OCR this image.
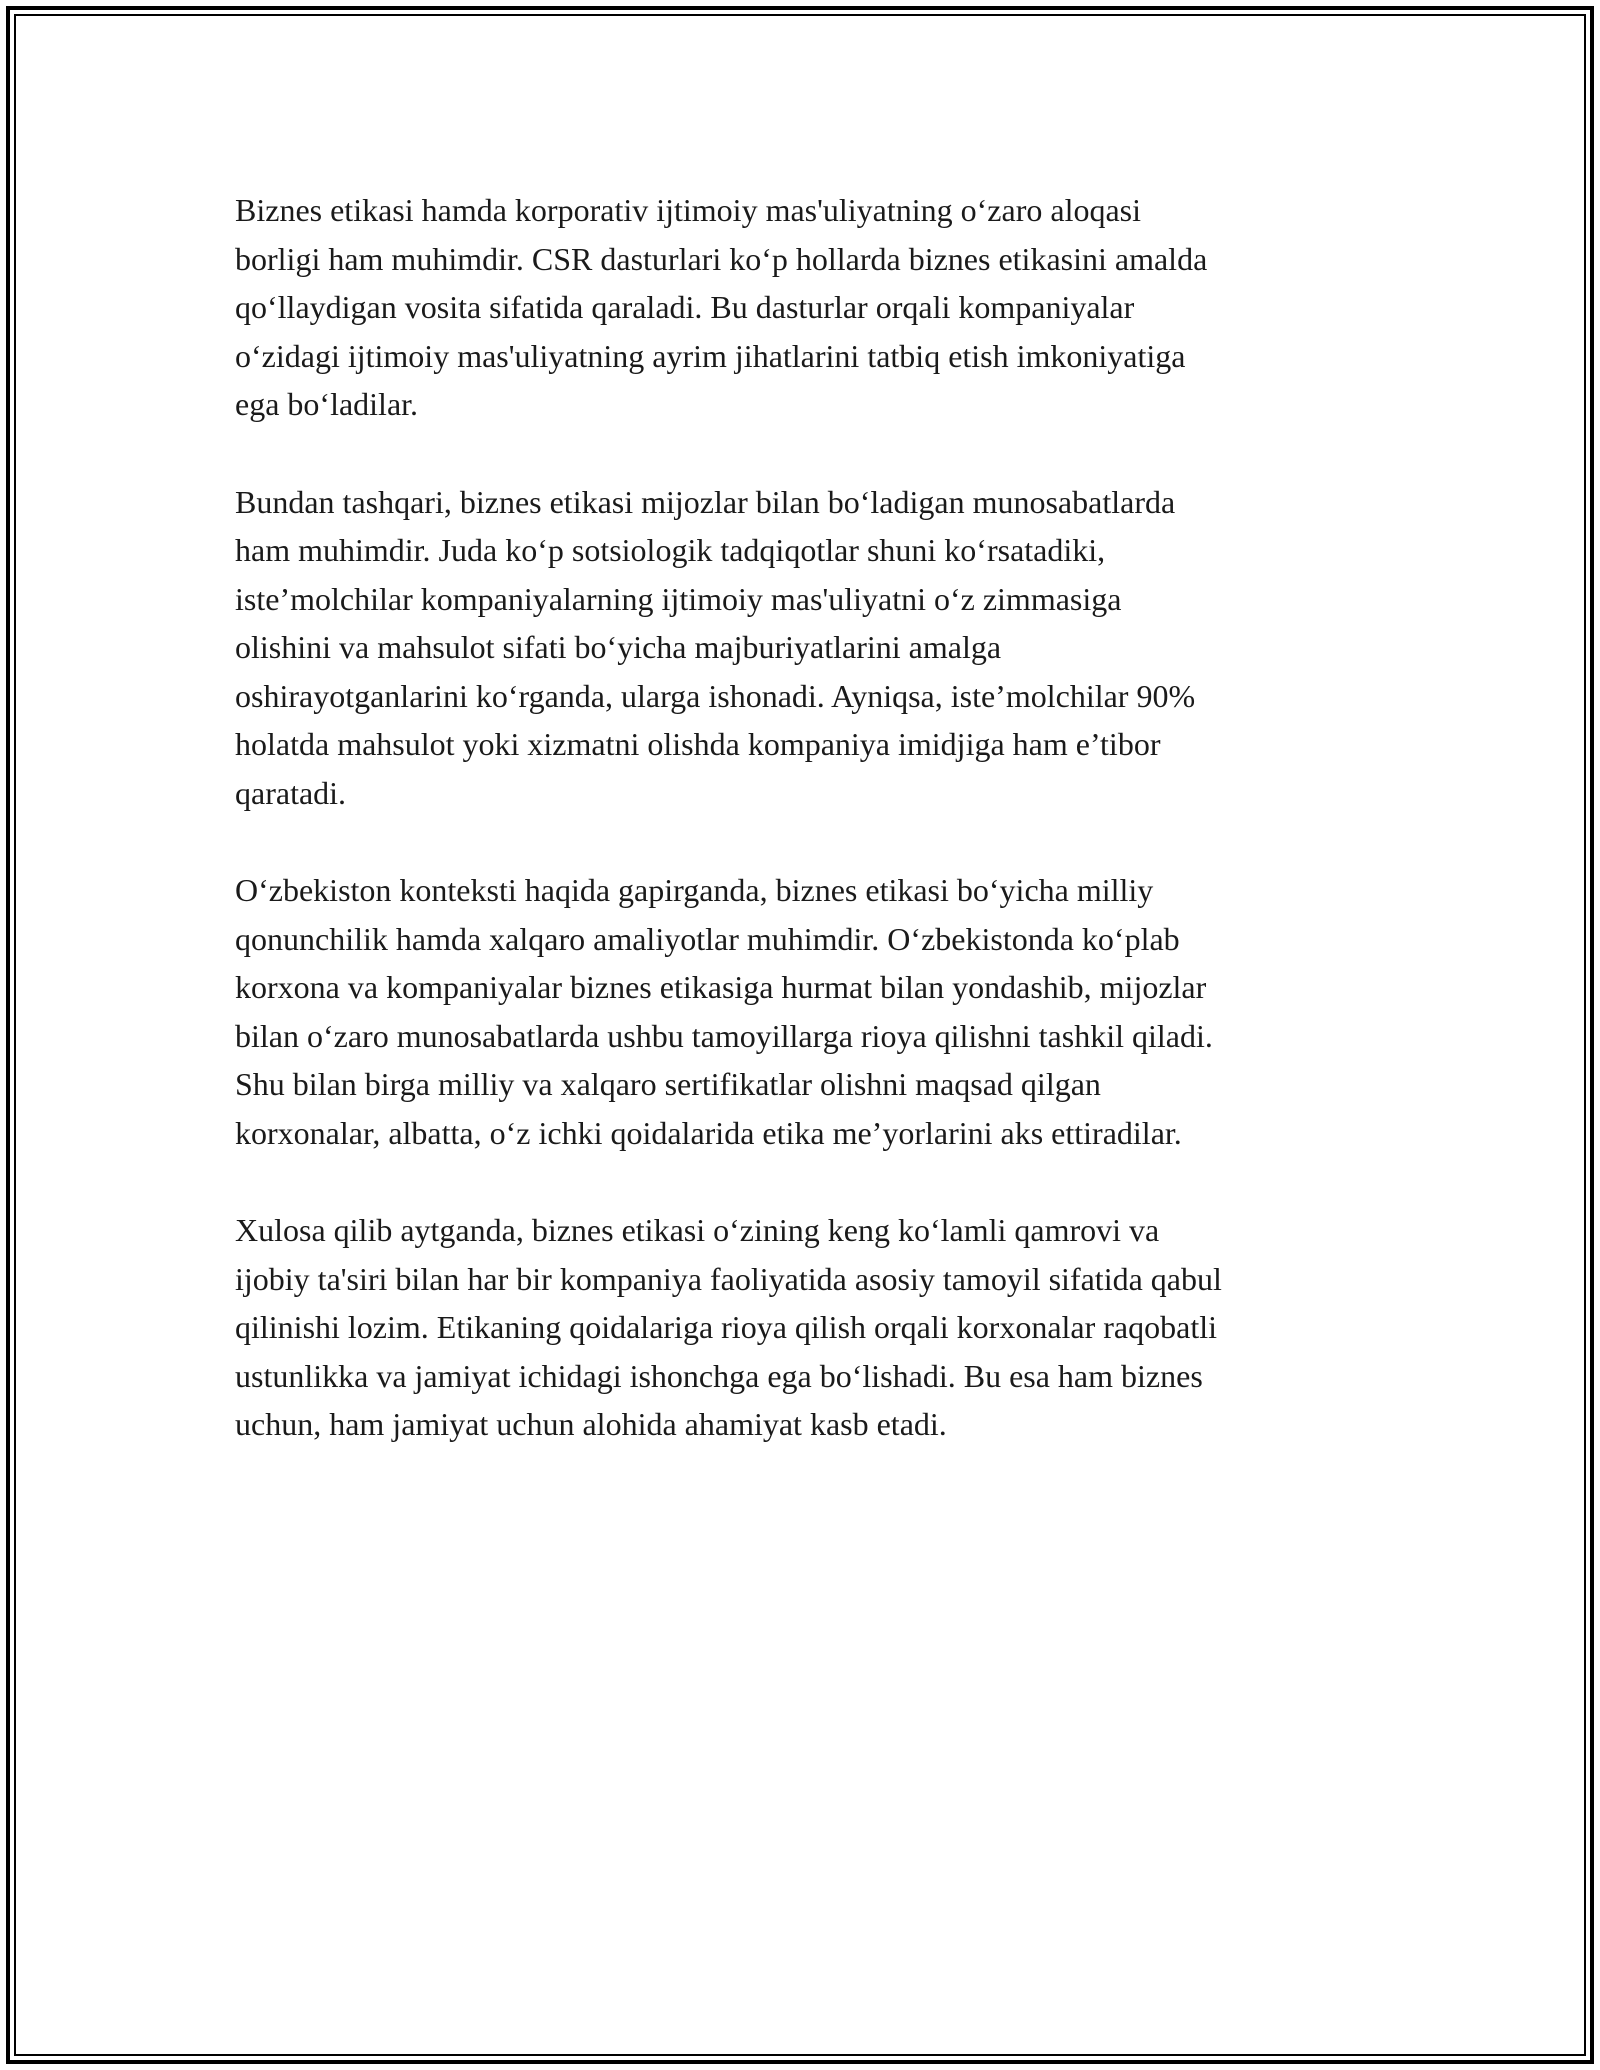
Biznes etikasi hamda korporativ ijtimoiy mas'uliyatning o‘zaro aloqasi
borligi ham muhimdir. CSR dasturlari ko‘p hollarda biznes etikasini amalda
qo‘llaydigan vosita sifatida qaraladi. Bu dasturlar orqali kompaniyalar
o‘zidagi ijtimoiy mas'uliyatning ayrim jihatlarini tatbiq etish imkoniyatiga
ega bo‘ladilar.

Bundan tashqari, biznes etikasi mijozlar bilan bo‘ladigan munosabatlarda
ham muhimdir. Juda ko‘p sotsiologik tadqiqotlar shuni ko‘rsatadiki,
iste’molchilar kompaniyalarning ijtimoiy mas'uliyatni o‘z zimmasiga
olishini va mahsulot sifati bo‘yicha majburiyatlarini amalga
oshirayotganlarini ko‘rganda, ularga ishonadi. Ayniqsa, iste’molchilar 90%
holatda mahsulot yoki xizmatni olishda kompaniya imidjiga ham e’tibor
qaratadi.

O‘zbekiston konteksti haqida gapirganda, biznes etikasi bo‘yicha milliy
qonunchilik hamda xalqaro amaliyotlar muhimdir. O‘zbekistonda ko‘plab
korxona va kompaniyalar biznes etikasiga hurmat bilan yondashib, mijozlar
bilan o‘zaro munosabatlarda ushbu tamoyillarga rioya qilishni tashkil qiladi.
Shu bilan birga milliy va xalqaro sertifikatlar olishni maqsad qilgan
korxonalar, albatta, o‘z ichki qoidalarida etika me’yorlarini aks ettiradilar.

Xulosa qilib aytganda, biznes etikasi o‘zining keng ko‘lamli qamrovi va
ijobiy ta'siri bilan har bir kompaniya faoliyatida asosiy tamoyil sifatida qabul
qilinishi lozim. Etikaning qoidalariga rioya qilish orqali korxonalar raqobatli
ustunlikka va jamiyat ichidagi ishonchga ega bo‘lishadi. Bu esa ham biznes
uchun, ham jamiyat uchun alohida ahamiyat kasb etadi.
